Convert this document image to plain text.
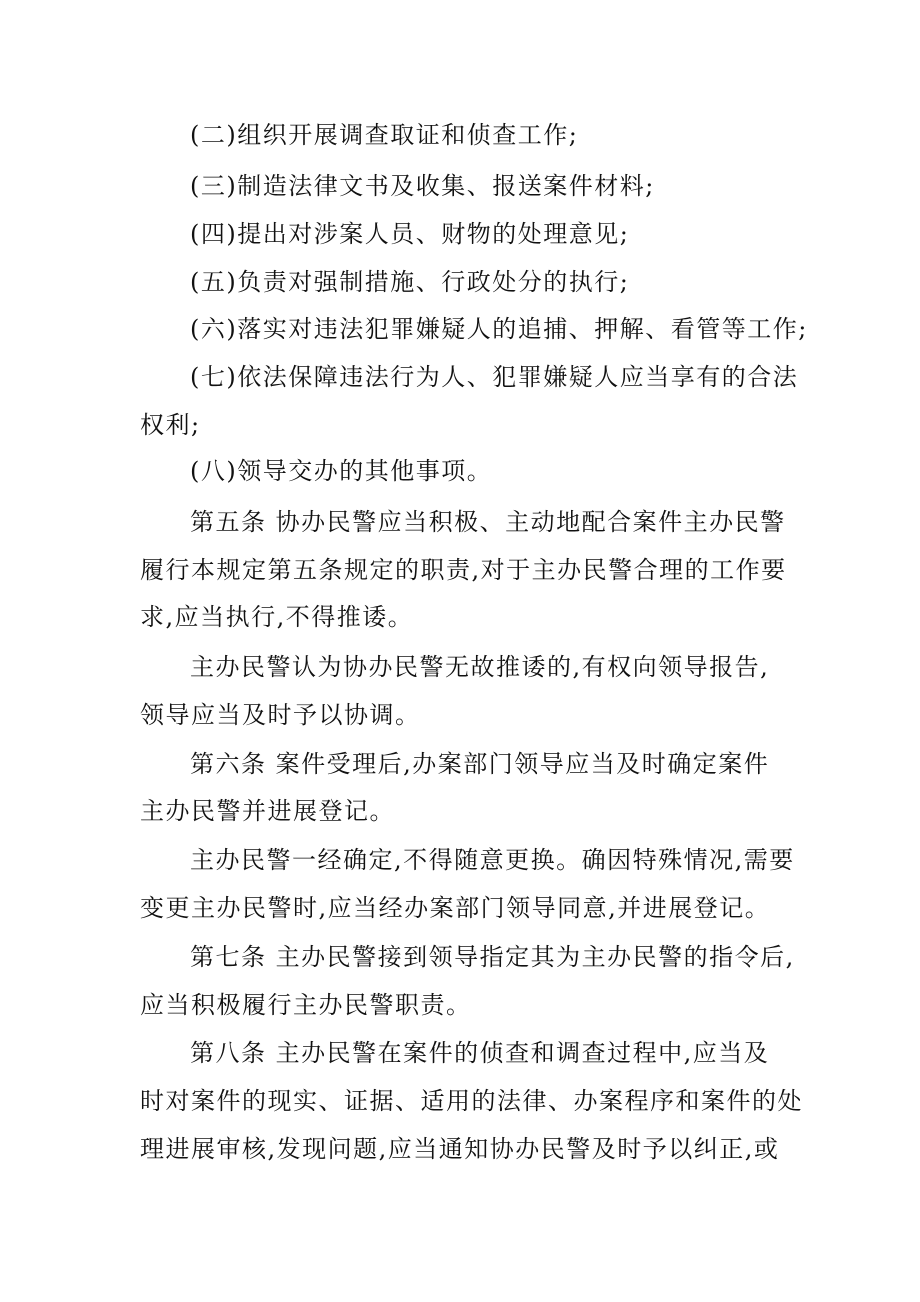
(二)组织开展调查取证和侦查工作;
(三)制造法律文书及收集、报送案件材料;
(四)提出对涉案人员、财物的处理意见;
(五)负责对强制措施、行政处分的执行;
(六)落实对违法犯罪嫌疑人的追捕、押解、看管等工作;
(七)依法保障违法行为人、犯罪嫌疑人应当享有的合法
权利;
(八)领导交办的其他事项。
第五条 协办民警应当积极、主动地配合案件主办民警
履行本规定第五条规定的职责,对于主办民警合理的工作要
求,应当执行,不得推诿。
主办民警认为协办民警无故推诿的,有权向领导报告,
领导应当及时予以协调。
第六条 案件受理后,办案部门领导应当及时确定案件
主办民警并进展登记。
主办民警一经确定,不得随意更换。确因特殊情况,需要
变更主办民警时,应当经办案部门领导同意,并进展登记。
第七条 主办民警接到领导指定其为主办民警的指令后,
应当积极履行主办民警职责。
第八条 主办民警在案件的侦查和调查过程中,应当及
时对案件的现实、证据、适用的法律、办案程序和案件的处
理进展审核,发现问题,应当通知协办民警及时予以纠正,或
